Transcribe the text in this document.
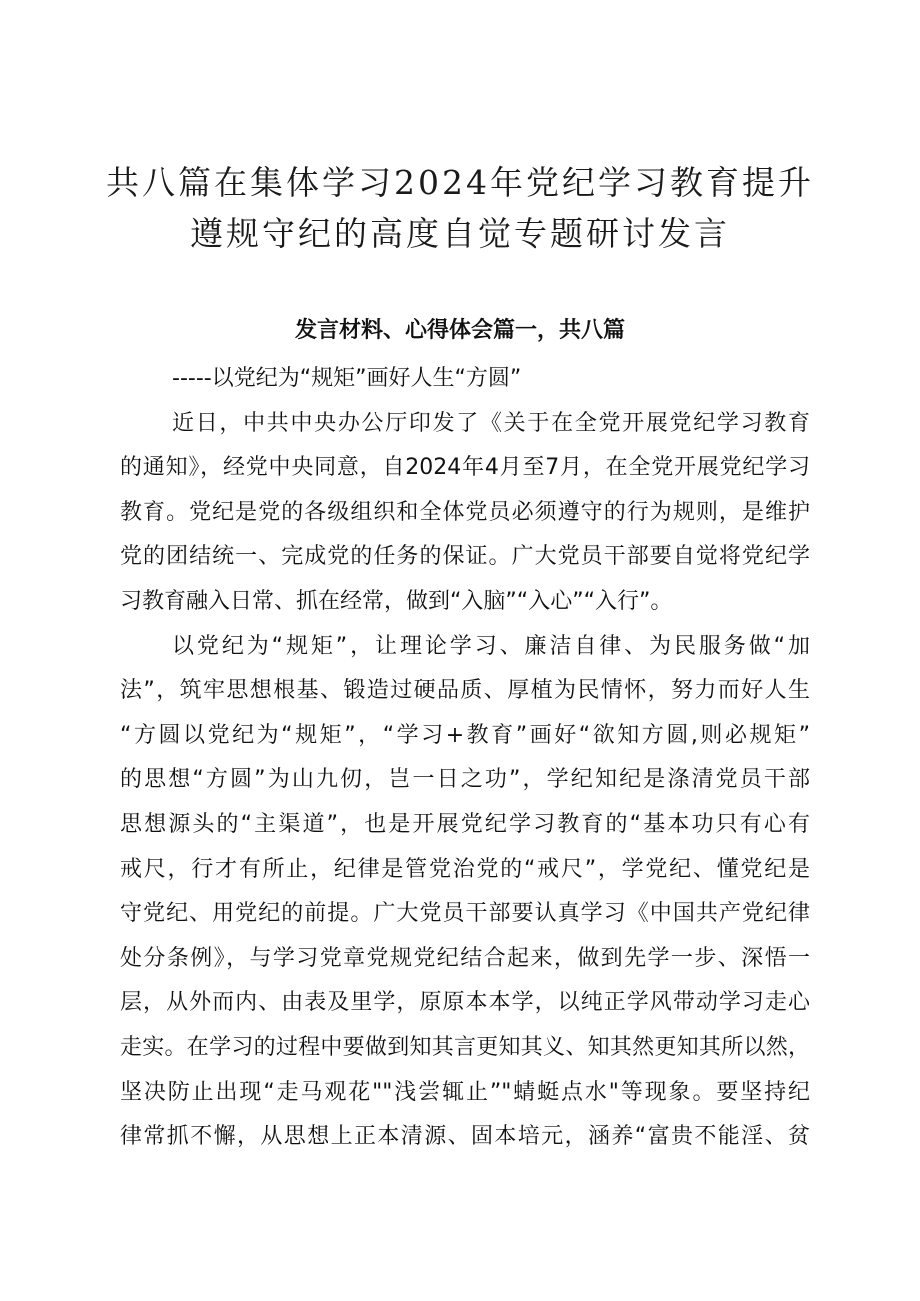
共八篇在集体学习2024年党纪学习教育提升
遵规守纪的高度自觉专题研讨发言
发言材料、心得体会篇一，共八篇
-----以党纪为“规矩”画好人生“方圆”
近日，中共中央办公厅印发了《关于在全党开展党纪学习教育
的通知》，经党中央同意，自2024年4月至7月，在全党开展党纪学习
教育。党纪是党的各级组织和全体党员必须遵守的行为规则，是维护
党的团结统一、完成党的任务的保证。广大党员干部要自觉将党纪学
习教育融入日常、抓在经常，做到“入脑”“入心”“入行”。
以党纪为“规矩”，让理论学习、廉洁自律、为民服务做“加
法”，筑牢思想根基、锻造过硬品质、厚植为民情怀，努力而好人生
“方圆以党纪为“规矩”，“学习+教育”画好“欲知方圆,则必规矩”
的思想“方圆”为山九仞，岂一日之功”，学纪知纪是涤清党员干部
思想源头的“主渠道”，也是开展党纪学习教育的“基本功只有心有
戒尺，行才有所止，纪律是管党治党的“戒尺”，学党纪、懂党纪是
守党纪、用党纪的前提。广大党员干部要认真学习《中国共产党纪律
处分条例》，与学习党章党规党纪结合起来，做到先学一步、深悟一
层，从外而内、由表及里学，原原本本学，以纯正学风带动学习走心
走实。在学习的过程中要做到知其言更知其义、知其然更知其所以然，
坚决防止出现“走马观花""浅尝辄止”"蜻蜓点水"等现象。要坚持纪
律常抓不懈，从思想上正本清源、固本培元，涵养“富贵不能淫、贫
